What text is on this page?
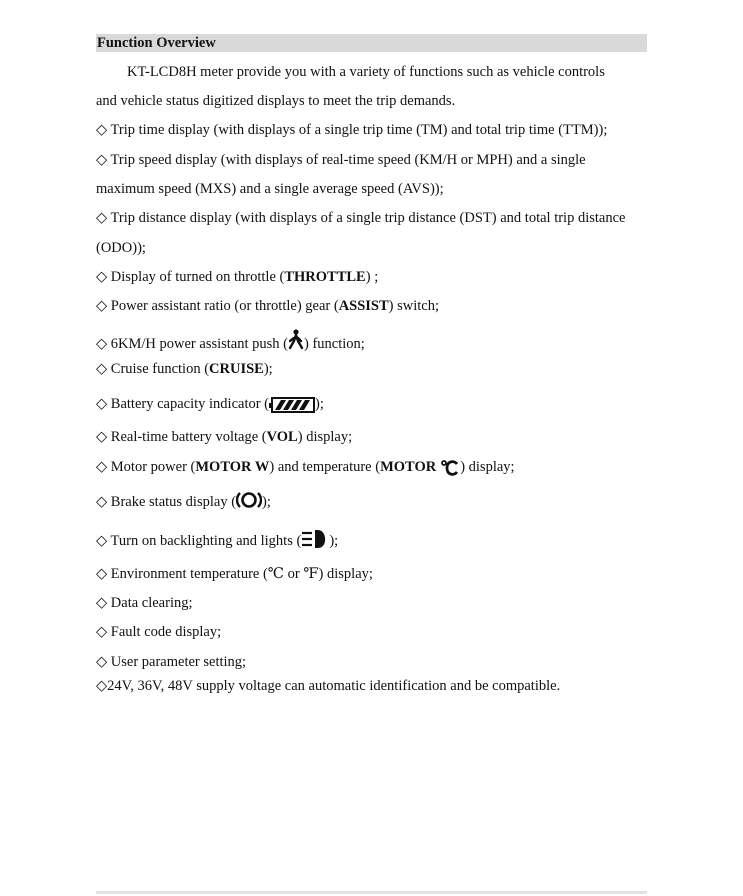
Function Overview
KT-LCD8H meter provide you with a variety of functions such as vehicle controls
and vehicle status digitized displays to meet the trip demands.
◇ Trip time display (with displays of a single trip time (TM) and total trip time (TTM));
◇ Trip speed display (with displays of real-time speed (KM/H or MPH) and a single
maximum speed (MXS) and a single average speed (AVS));
◇ Trip distance display (with displays of a single trip distance (DST) and total trip distance
(ODO));
◇ Display of turned on throttle (THROTTLE) ;
◇ Power assistant ratio (or throttle) gear (ASSIST) switch;
◇ 6KM/H power assistant push ( ) function;
◇ Cruise function (CRUISE);
◇ Battery capacity indicator (	);
◇ Real-time battery voltage (VOL) display;
◇ Motor power (MOTOR W) and temperature (MOTOR ) display;
◇ Brake status display ( );
◇ Turn on backlighting and lights ( );
◇ Environment temperature (℃ or ℉) display;
◇ Data clearing;
◇ Fault code display;
◇ User parameter setting;
◇24V, 36V, 48V supply voltage can automatic identification and be compatible.
